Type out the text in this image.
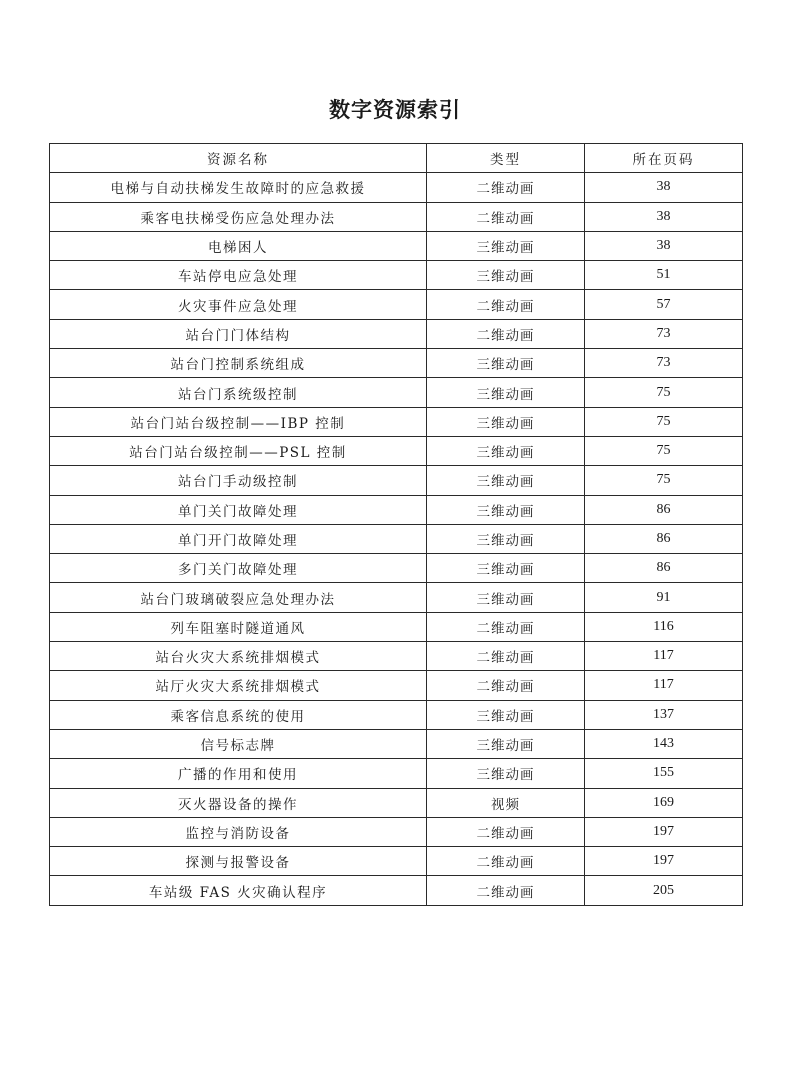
数字资源索引
资源名称	类型	所在页码
电梯与自动扶梯发生故障时的应急救援	二维动画	38
乘客电扶梯受伤应急处理办法	二维动画	38
电梯困人	三维动画	38
车站停电应急处理	三维动画	51
火灾事件应急处理	二维动画	57
站台门门体结构	二维动画	73
站台门控制系统组成	三维动画	73
站台门系统级控制	三维动画	75
站台门站台级控制——IBP 控制	三维动画	75
站台门站台级控制——PSL 控制	三维动画	75
站台门手动级控制	三维动画	75
单门关门故障处理	三维动画	86
单门开门故障处理	三维动画	86
多门关门故障处理	三维动画	86
站台门玻璃破裂应急处理办法	三维动画	91
列车阻塞时隧道通风	二维动画	116
站台火灾大系统排烟模式	二维动画	117
站厅火灾大系统排烟模式	二维动画	117
乘客信息系统的使用	三维动画	137
信号标志牌	三维动画	143
广播的作用和使用	三维动画	155
灭火器设备的操作	视频	169
监控与消防设备	二维动画	197
探测与报警设备	二维动画	197
车站级 FAS 火灾确认程序	二维动画	205
